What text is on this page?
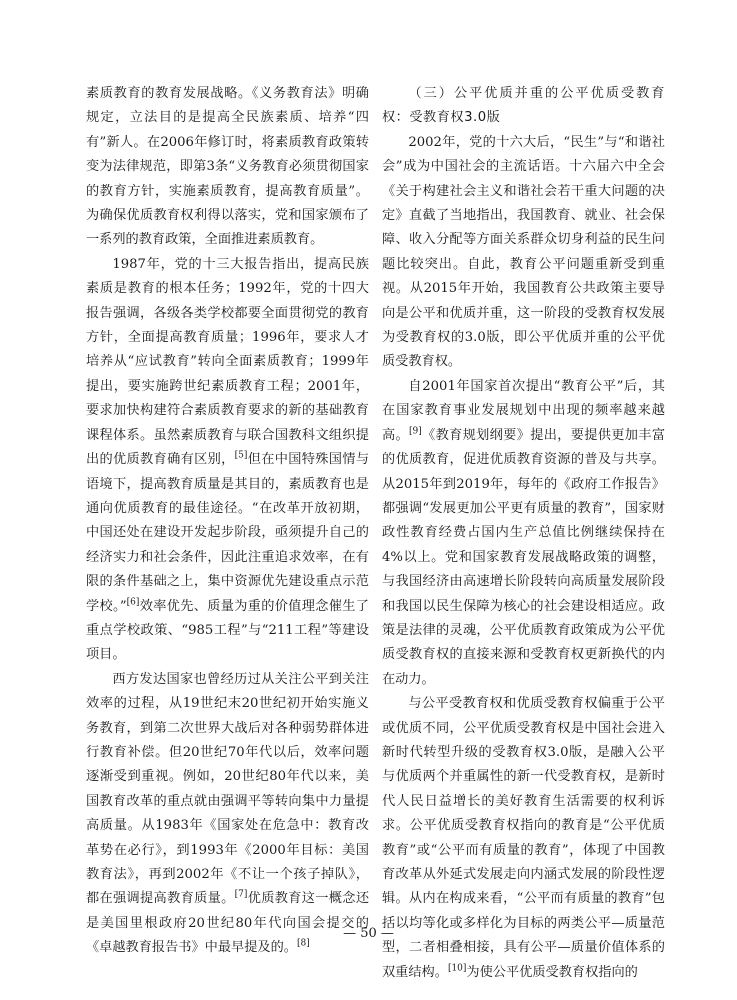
素质教育的教育发展战略。《义务教育法》明确规定，立法目的是提高全民族素质、培养“四有”新人。在2006年修订时，将素质教育政策转变为法律规范，即第3条“义务教育必须贯彻国家的教育方针，实施素质教育，提高教育质量”。为确保优质教育权利得以落实，党和国家颁布了一系列的教育政策，全面推进素质教育。

1987年，党的十三大报告指出，提高民族素质是教育的根本任务；1992年，党的十四大报告强调，各级各类学校都要全面贯彻党的教育方针，全面提高教育质量；1996年，要求人才培养从“应试教育”转向全面素质教育；1999年提出，要实施跨世纪素质教育工程；2001年，要求加快构建符合素质教育要求的新的基础教育课程体系。虽然素质教育与联合国教科文组织提出的优质教育确有区别，[5]但在中国特殊国情与语境下，提高教育质量是其目的，素质教育也是通向优质教育的最佳途径。“在改革开放初期，中国还处在建设开发起步阶段，亟须提升自己的经济实力和社会条件，因此注重追求效率，在有限的条件基础之上，集中资源优先建设重点示范学校。”[6]效率优先、质量为重的价值理念催生了重点学校政策、“985工程”与“211工程”等建设项目。

西方发达国家也曾经历过从关注公平到关注效率的过程，从19世纪末20世纪初开始实施义务教育，到第二次世界大战后对各种弱势群体进行教育补偿。但20世纪70年代以后，效率问题逐渐受到重视。例如，20世纪80年代以来，美国教育改革的重点就由强调平等转向集中力量提高质量。从1983年《国家处在危急中：教育改革势在必行》，到1993年《2000年目标：美国教育法》，再到2002年《不让一个孩子掉队》，都在强调提高教育质量。[7]优质教育这一概念还是美国里根政府20世纪80年代向国会提交的《卓越教育报告书》中最早提及的。[8]

（三）公平优质并重的公平优质受教育权：受教育权3.0版

2002年，党的十六大后，“民生”与“和谐社会”成为中国社会的主流话语。十六届六中全会《关于构建社会主义和谐社会若干重大问题的决定》直截了当地指出，我国教育、就业、社会保障、收入分配等方面关系群众切身利益的民生问题比较突出。自此，教育公平问题重新受到重视。从2015年开始，我国教育公共政策主要导向是公平和优质并重，这一阶段的受教育权发展为受教育权的3.0版，即公平优质并重的公平优质受教育权。

自2001年国家首次提出“教育公平”后，其在国家教育事业发展规划中出现的频率越来越高。[9]《教育规划纲要》提出，要提供更加丰富的优质教育，促进优质教育资源的普及与共享。从2015年到2019年，每年的《政府工作报告》都强调“发展更加公平更有质量的教育”，国家财政性教育经费占国内生产总值比例继续保持在4%以上。党和国家教育发展战略政策的调整，与我国经济由高速增长阶段转向高质量发展阶段和我国以民生保障为核心的社会建设相适应。政策是法律的灵魂，公平优质教育政策成为公平优质受教育权的直接来源和受教育权更新换代的内在动力。

与公平受教育权和优质受教育权偏重于公平或优质不同，公平优质受教育权是中国社会进入新时代转型升级的受教育权3.0版，是融入公平与优质两个并重属性的新一代受教育权，是新时代人民日益增长的美好教育生活需要的权利诉求。公平优质受教育权指向的教育是“公平优质教育”或“公平而有质量的教育”，体现了中国教育改革从外延式发展走向内涵式发展的阶段性逻辑。从内在构成来看，“公平而有质量的教育”包括以均等化或多样化为目标的两类公平—质量范型，二者相叠相接，具有公平—质量价值体系的双重结构。[10]为使公平优质受教育权指向的

— 50 —
